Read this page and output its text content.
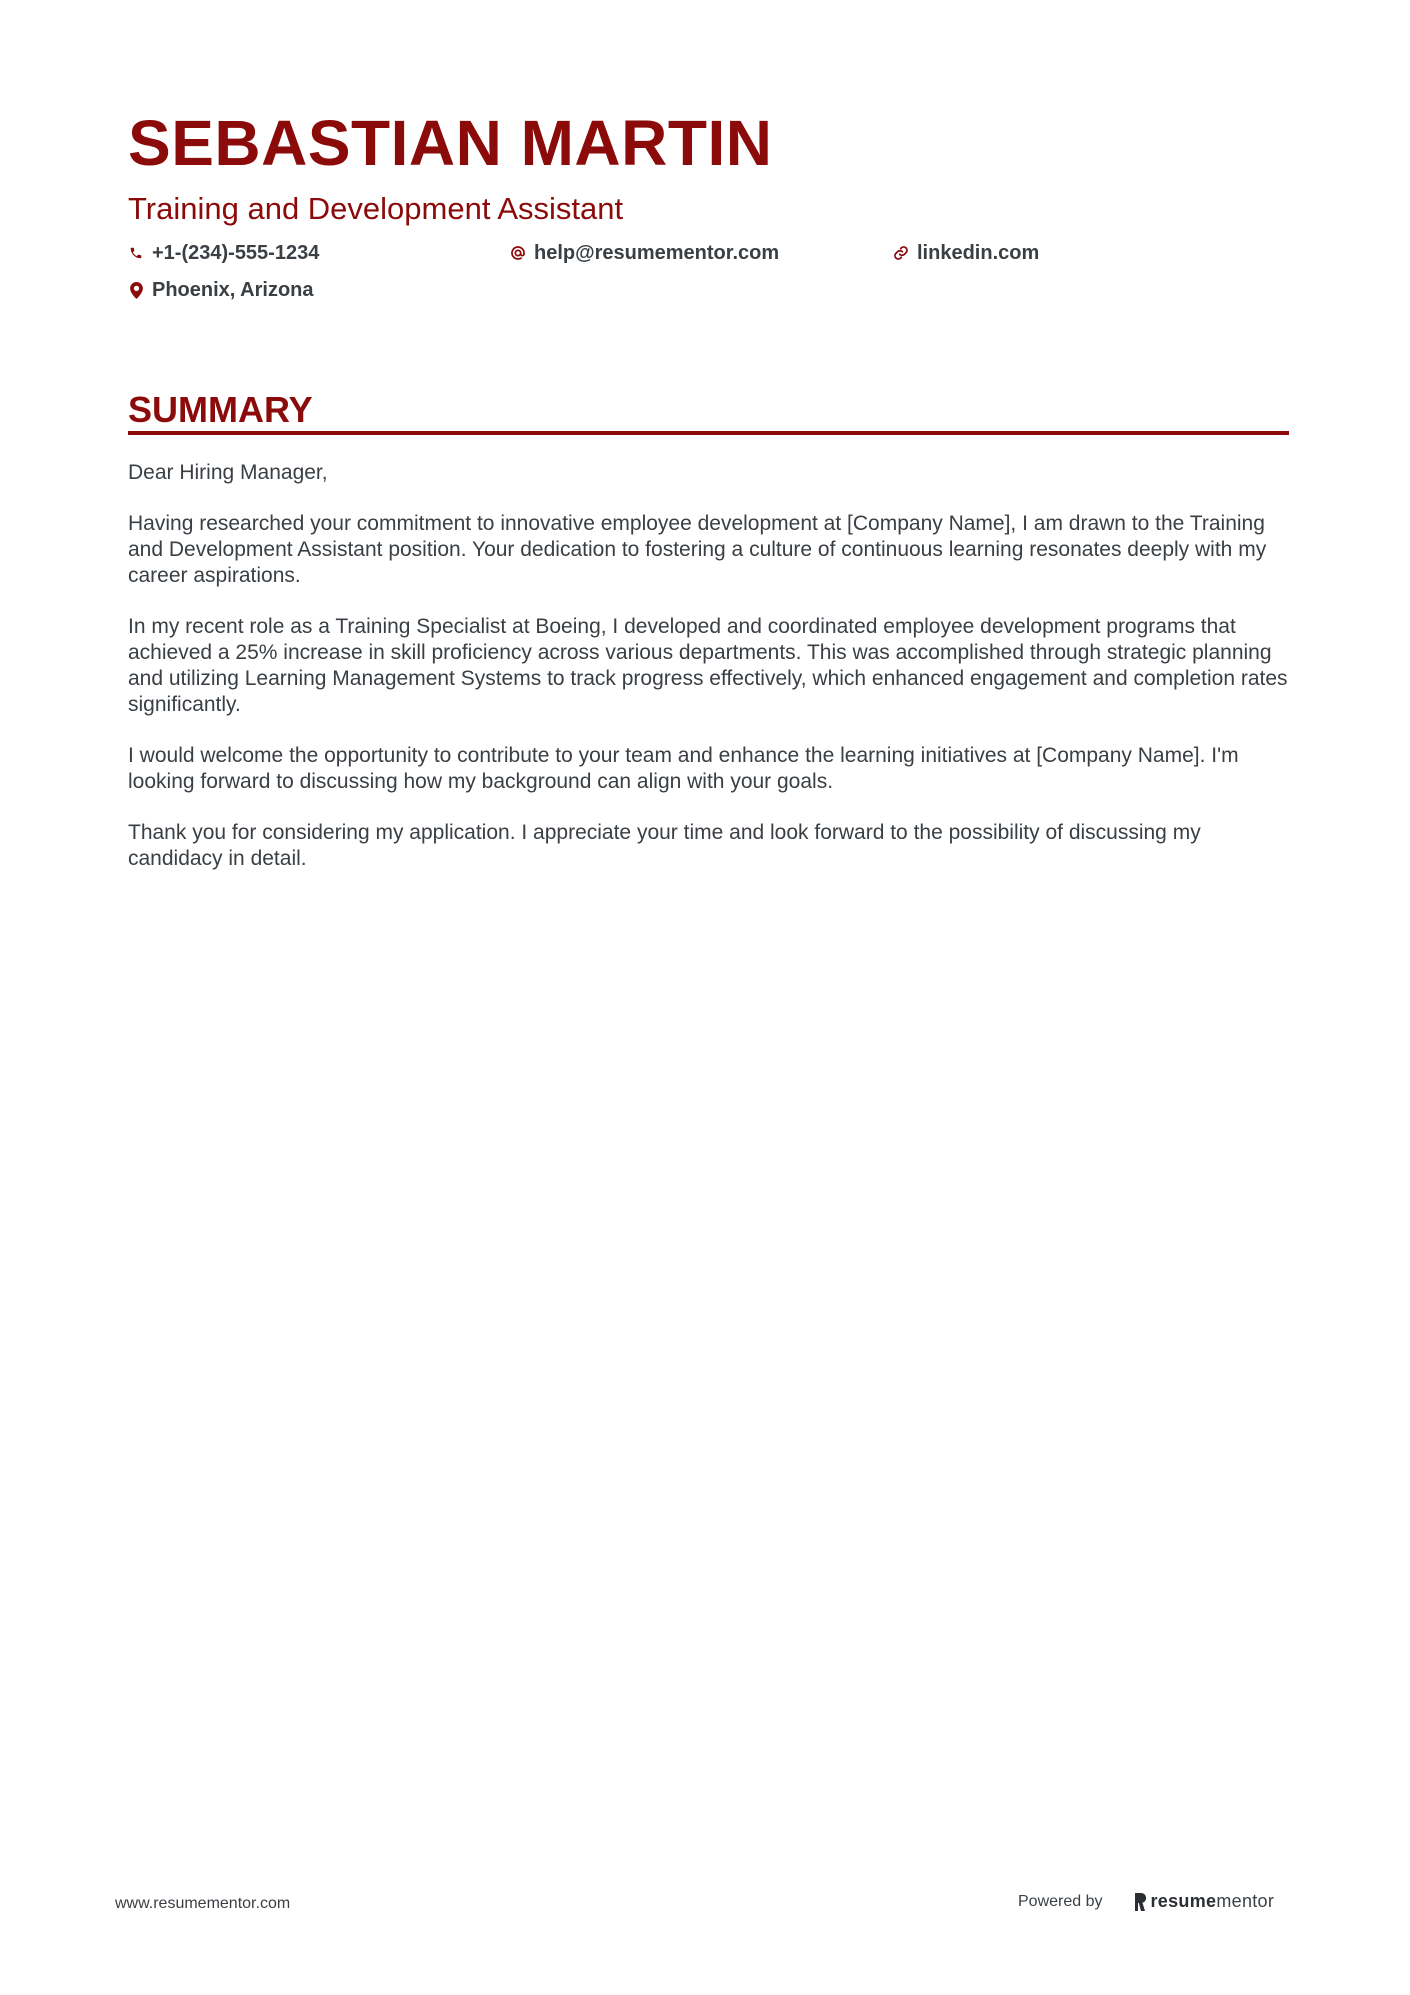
SEBASTIAN MARTIN
Training and Development Assistant
+1-(234)-555-1234	help@resumementor.com	linkedin.com
Phoenix, Arizona
SUMMARY

Dear Hiring Manager,

Having researched your commitment to innovative employee development at [Company Name], I am drawn to the Training and Development Assistant position. Your dedication to fostering a culture of continuous learning resonates deeply with my career aspirations.

In my recent role as a Training Specialist at Boeing, I developed and coordinated employee development programs that achieved a 25% increase in skill proficiency across various departments. This was accomplished through strategic planning and utilizing Learning Management Systems to track progress effectively, which enhanced engagement and completion rates significantly.

I would welcome the opportunity to contribute to your team and enhance the learning initiatives at [Company Name]. I'm looking forward to discussing how my background can align with your goals.

Thank you for considering my application. I appreciate your time and look forward to the possibility of discussing my candidacy in detail.

www.resumementor.com	Powered by	resume mentor
